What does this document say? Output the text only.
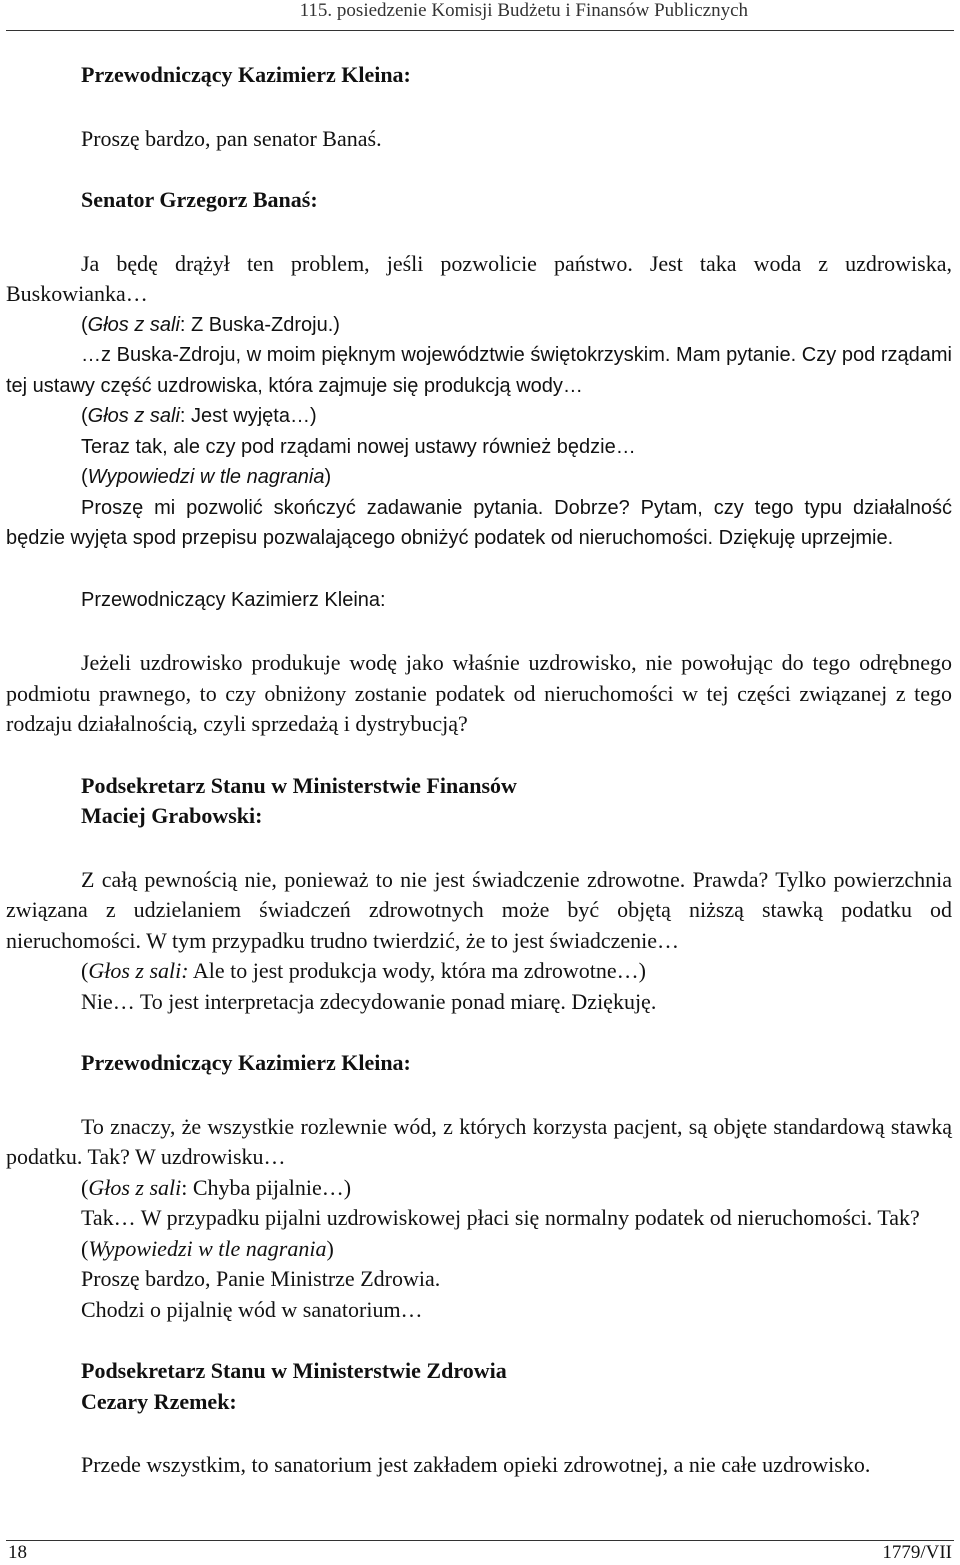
115. posiedzenie Komisji Budżetu i Finansów Publicznych

Przewodniczący Kazimierz Kleina:

Proszę bardzo, pan senator Banaś.

Senator Grzegorz Banaś:

Ja będę drążył ten problem, jeśli pozwolicie państwo. Jest taka woda z uzdrowiska, Buskowianka…

(Głos z sali: Z Buska-Zdroju.)

…z Buska-Zdroju, w moim pięknym województwie świętokrzyskim. Mam pytanie. Czy pod rządami tej ustawy część uzdrowiska, która zajmuje się produkcją wody…

(Głos z sali: Jest wyjęta…)

Teraz tak, ale czy pod rządami nowej ustawy również będzie…

(Wypowiedzi w tle nagrania)

Proszę mi pozwolić skończyć zadawanie pytania. Dobrze? Pytam, czy tego typu działalność będzie wyjęta spod przepisu pozwalającego obniżyć podatek od nieruchomości. Dziękuję uprzejmie.

Przewodniczący Kazimierz Kleina:

Jeżeli uzdrowisko produkuje wodę jako właśnie uzdrowisko, nie powołując do tego odrębnego podmiotu prawnego, to czy obniżony zostanie podatek od nieruchomości w tej części związanej z tego rodzaju działalnością, czyli sprzedażą i dystrybucją?

Podsekretarz Stanu w Ministerstwie Finansów

Maciej Grabowski:

Z całą pewnością nie, ponieważ to nie jest świadczenie zdrowotne. Prawda? Tylko powierzchnia związana z udzielaniem świadczeń zdrowotnych może być objętą niższą stawką podatku od nieruchomości. W tym przypadku trudno twierdzić, że to jest świadczenie…

(Głos z sali: Ale to jest produkcja wody, która ma zdrowotne…)

Nie… To jest interpretacja zdecydowanie ponad miarę. Dziękuję.

Przewodniczący Kazimierz Kleina:

To znaczy, że wszystkie rozlewnie wód, z których korzysta pacjent, są objęte standardową stawką podatku. Tak? W uzdrowisku…

(Głos z sali: Chyba pijalnie…)

Tak… W przypadku pijalni uzdrowiskowej płaci się normalny podatek od nieruchomości. Tak?

(Wypowiedzi w tle nagrania)

Proszę bardzo, Panie Ministrze Zdrowia.

Chodzi o pijalnię wód w sanatorium…

Podsekretarz Stanu w Ministerstwie Zdrowia

Cezary Rzemek:

Przede wszystkim, to sanatorium jest zakładem opieki zdrowotnej, a nie całe uzdrowisko.

18	1779/VII
